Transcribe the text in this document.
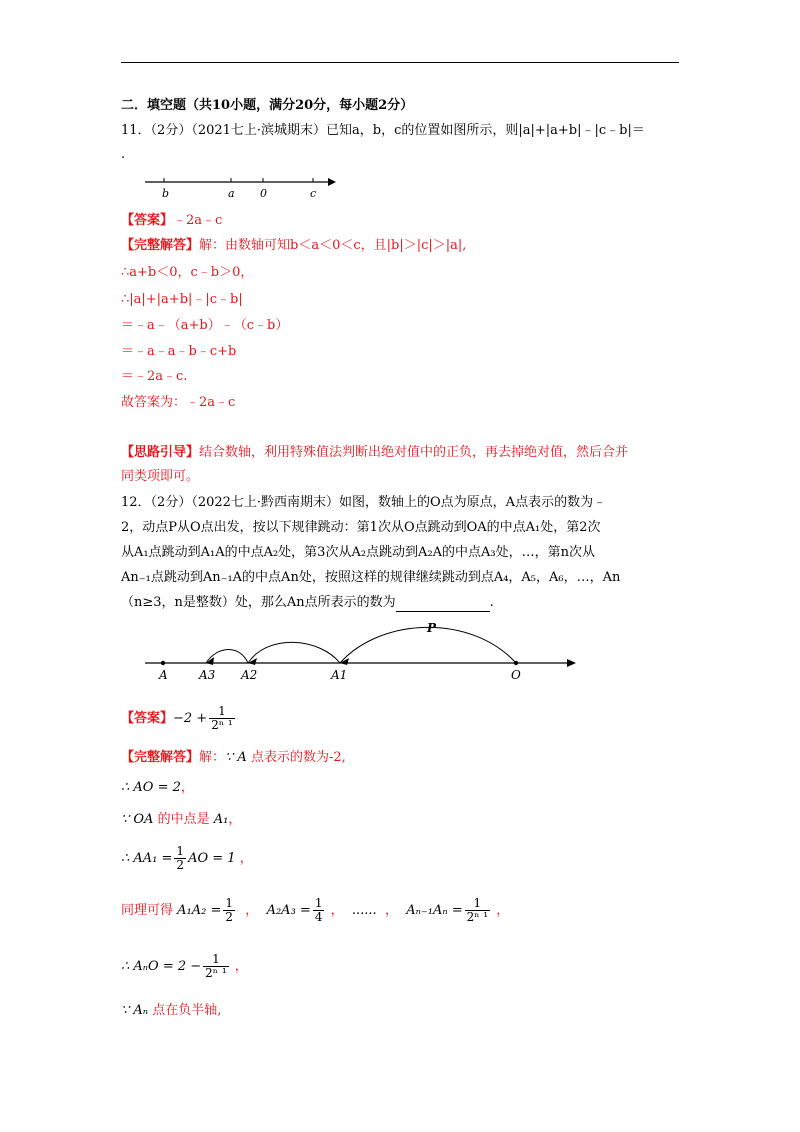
二．填空题（共10小题，满分20分，每小题2分）
11．（2分）（2021七上·滨城期末）已知a，b，c的位置如图所示，则|a|+|a+b|﹣|c﹣b|＝
.
b	a 0	c
【答案】﹣2a﹣c
【完整解答】解：由数轴可知b＜a＜0＜c，且|b|＞|c|＞|a|,
∴a+b＜0，c﹣b＞0，
∴|a|+|a+b|﹣|c﹣b|
＝﹣a﹣（a+b）﹣（c﹣b）
＝﹣a﹣a﹣b﹣c+b
＝﹣2a﹣c.
故答案为：﹣2a﹣c
【思路引导】结合数轴，利用特殊值法判断出绝对值中的正负，再去掉绝对值，然后合并
同类项即可。
12．（2分）（2022七上·黔西南期末）如图，数轴上的O点为原点，A点表示的数为﹣
2，动点P从O点出发，按以下规律跳动：第1次从O点跳动到OA的中点A₁处，第2次
从A₁点跳动到A₁A的中点A₂处，第3次从A₂点跳动到A₂A的中点A₃处，…，第n次从
An₋₁点跳动到An₋₁A的中点An处，按照这样的规律继续跳动到点A₄，A₅，A₆，…，An
（n≥3，n是整数）处，那么An点所表示的数为	.
P
A	A3 A2	A1	O
【答案】$-2 + \frac{1}{\text{2ⁿ ¹}}$
【完整解答】解：∵ A 点表示的数为-2,
∴ AO = 2，
∵ OA 的中点是 A₁，
∴ $AA_1 = \frac{1}{2}$ AO = 1 ，
同理可得 $A_1A_2 = \frac{1}{2}$ ， $A_2A_3 = \frac{1}{4}$ ， ...... ， $A_{n-1}A_n = \frac{1}{\text{2ⁿ ¹}}$ ，
∴ $A_nO = 2 - \frac{1}{\text{2ⁿ ¹}}$ ，
∵ Aₙ 点在负半轴,
